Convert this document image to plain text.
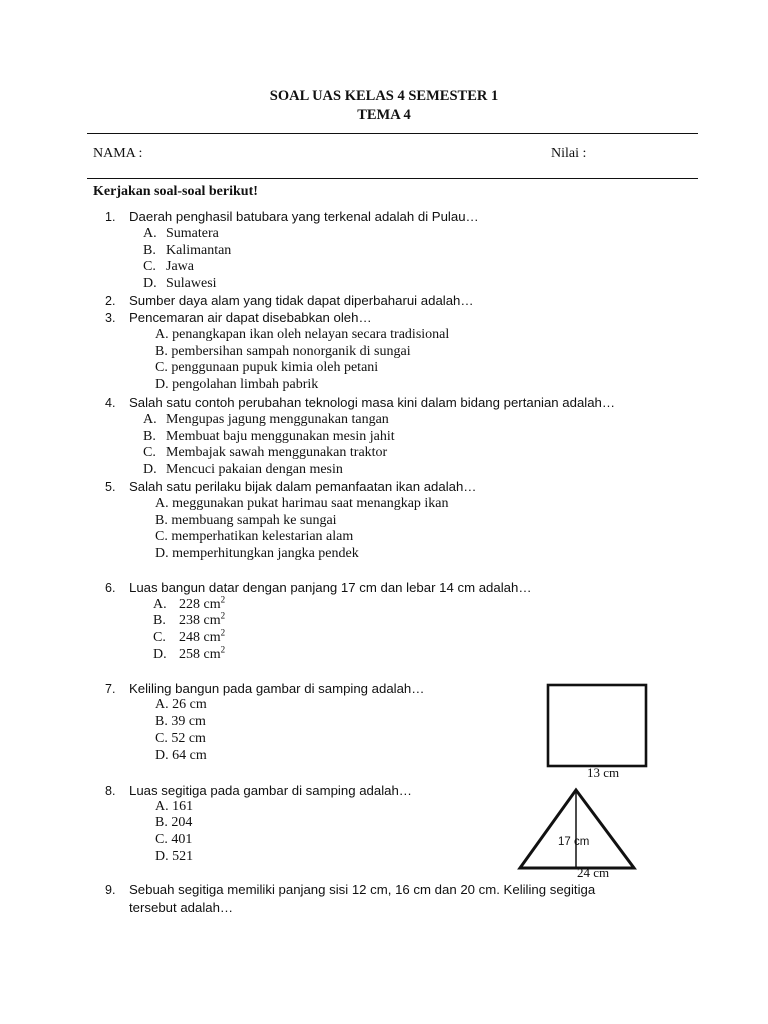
SOAL UAS KELAS 4 SEMESTER 1
TEMA 4
NAMA :	Nilai :
Kerjakan soal-soal berikut!
1. Daerah penghasil batubara yang terkenal adalah di Pulau…
A. Sumatera
B. Kalimantan
C. Jawa
D. Sulawesi
2. Sumber daya alam yang tidak dapat diperbaharui adalah…
3. Pencemaran air dapat disebabkan oleh…
A. penangkapan ikan oleh nelayan secara tradisional
B. pembersihan sampah nonorganik di sungai
C. penggunaan pupuk kimia oleh petani
D. pengolahan limbah pabrik
4. Salah satu contoh perubahan teknologi masa kini dalam bidang pertanian adalah…
A. Mengupas jagung menggunakan tangan
B. Membuat baju menggunakan mesin jahit
C. Membajak sawah menggunakan traktor
D. Mencuci pakaian dengan mesin
5. Salah satu perilaku bijak dalam pemanfaatan ikan adalah…
A. meggunakan pukat harimau saat menangkap ikan
B. membuang sampah ke sungai
C. memperhatikan kelestarian alam
D. memperhitungkan jangka pendek
6. Luas bangun datar dengan panjang 17 cm dan lebar 14 cm adalah…
A. 228 $cm^2$
B. 238 $cm^2$
C. 248 $cm^2$
D. 258 $cm^2$
7. Keliling bangun pada gambar di samping adalah…
A. 26 cm
B. 39 cm
C. 52 cm
D. 64 cm
13 cm
8. Luas segitiga pada gambar di samping adalah…
A. 161
B. 204
C. 401
D. 521
17 cm
24 cm
9. Sebuah segitiga memiliki panjang sisi 12 cm, 16 cm dan 20 cm. Keliling segitiga
tersebut adalah…
